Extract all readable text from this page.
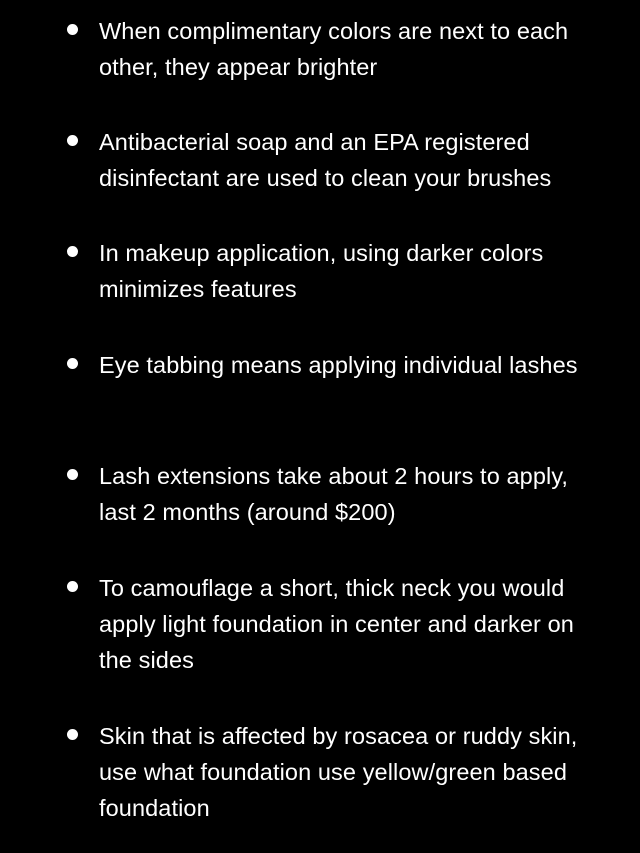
When complimentary colors are next to each other, they appear brighter
Antibacterial soap and an EPA registered disinfectant are used to clean your brushes
In makeup application, using darker colors minimizes features
Eye tabbing means applying individual lashes
Lash extensions take about 2 hours to apply, last 2 months (around $200)
To camouflage a short, thick neck you would apply light foundation in center and darker on the sides
Skin that is affected by rosacea or ruddy skin, use what foundation use yellow/green based foundation
